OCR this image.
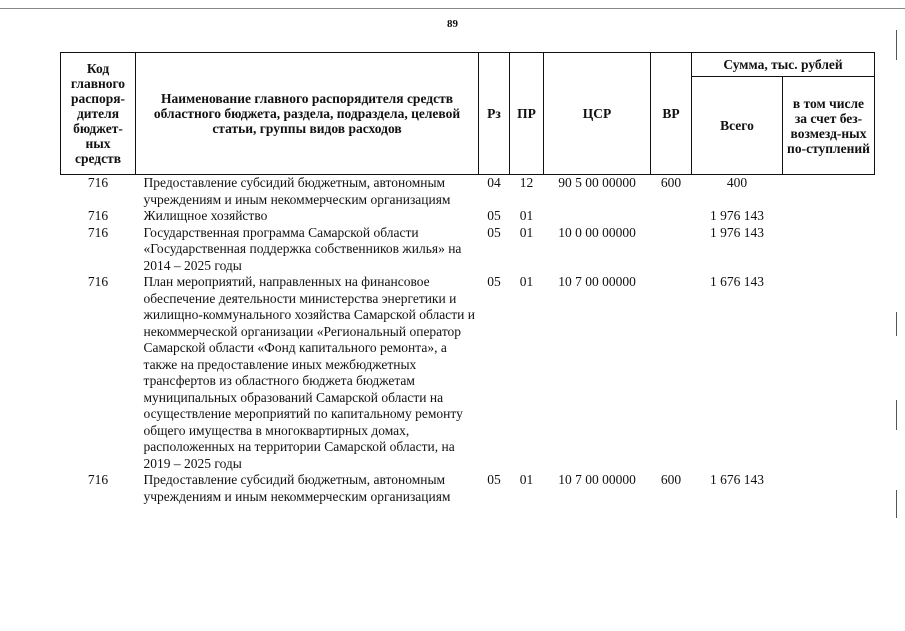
89
Код главного распоря-дителя бюджет-ных средств	Наименование главного распорядителя средств областного бюджета, раздела, подраздела, целевой статьи, группы видов расходов	Рз	ПР	ЦСР	ВР	Сумма, тыс. рублей	
						Всего	в том числе за счет без-возмезд-ных по-ступлений
716	Предоставление субсидий бюджетным, автономным учреждениям и иным некоммерческим организациям	04	12	90 5 00 00000	600	400	
716	Жилищное хозяйство	05	01			1 976 143	
716	Государственная программа Самарской области «Государственная поддержка собственников жилья» на 2014 – 2025 годы	05	01	10 0 00 00000		1 976 143	
716	План мероприятий, направленных на финансовое обеспечение деятельности министерства энергетики и жилищно-коммунального хозяйства Самарской области и некоммерческой организации «Региональный оператор Самарской области «Фонд капитального ремонта», а также на предоставление иных межбюджетных трансфертов из областного бюджета бюджетам муниципальных образований Самарской области на осуществление мероприятий по капитальному ремонту общего имущества в многоквартирных домах, расположенных на территории Самарской области, на 2019 – 2025 годы	05	01	10 7 00 00000		1 676 143	
716	Предоставление субсидий бюджетным, автономным учреждениям и иным некоммерческим организациям	05	01	10 7 00 00000	600	1 676 143	
